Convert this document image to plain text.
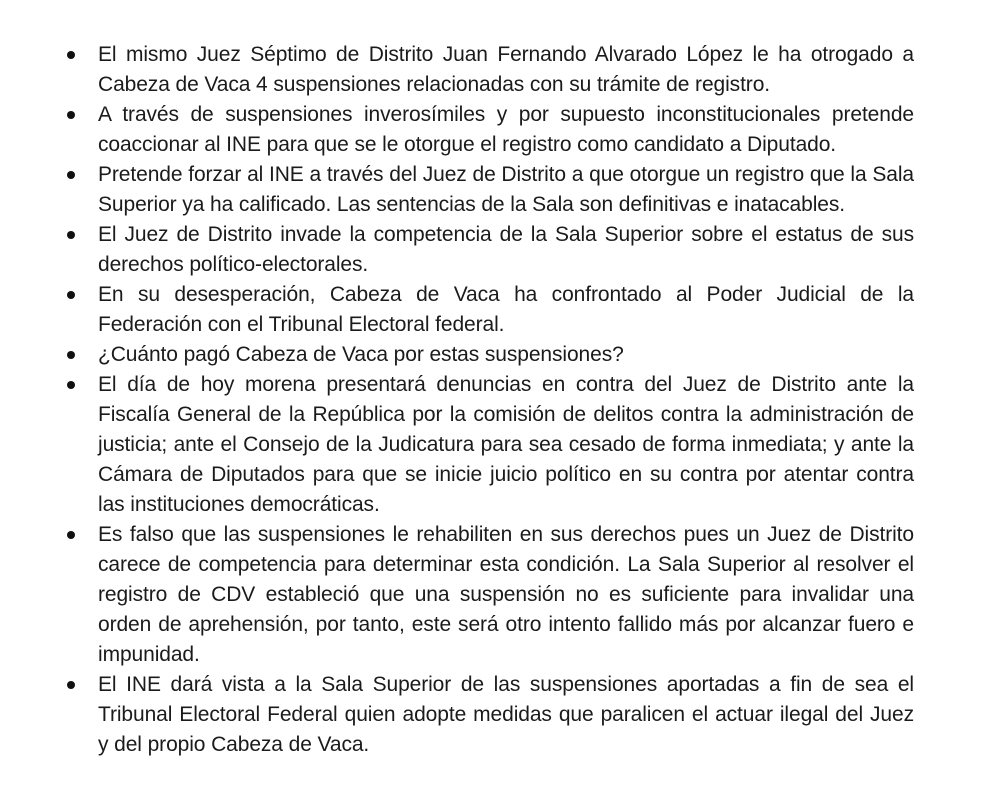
El mismo Juez Séptimo de Distrito Juan Fernando Alvarado López le ha otrogado a Cabeza de Vaca 4 suspensiones relacionadas con su trámite de registro.
A través de suspensiones inverosímiles y por supuesto inconstitucionales pretende coaccionar al INE para que se le otorgue el registro como candidato a Diputado.
Pretende forzar al INE a través del Juez de Distrito a que otorgue un registro que la Sala Superior ya ha calificado. Las sentencias de la Sala son definitivas e inatacables.
El Juez de Distrito invade la competencia de la Sala Superior sobre el estatus de sus derechos político-electorales.
En su desesperación, Cabeza de Vaca ha confrontado al Poder Judicial de la Federación con el Tribunal Electoral federal.
¿Cuánto pagó Cabeza de Vaca por estas suspensiones?
El día de hoy morena presentará denuncias en contra del Juez de Distrito ante la Fiscalía General de la República por la comisión de delitos contra la administración de justicia; ante el Consejo de la Judicatura para sea cesado de forma inmediata; y ante la Cámara de Diputados para que se inicie juicio político en su contra por atentar contra las instituciones democráticas.
Es falso que las suspensiones le rehabiliten en sus derechos pues un Juez de Distrito carece de competencia para determinar esta condición. La Sala Superior al resolver el registro de CDV estableció que una suspensión no es suficiente para invalidar una orden de aprehensión, por tanto, este será otro intento fallido más por alcanzar fuero e impunidad.
El INE dará vista a la Sala Superior de las suspensiones aportadas a fin de sea el Tribunal Electoral Federal quien adopte medidas que paralicen el actuar ilegal del Juez y del propio Cabeza de Vaca.
